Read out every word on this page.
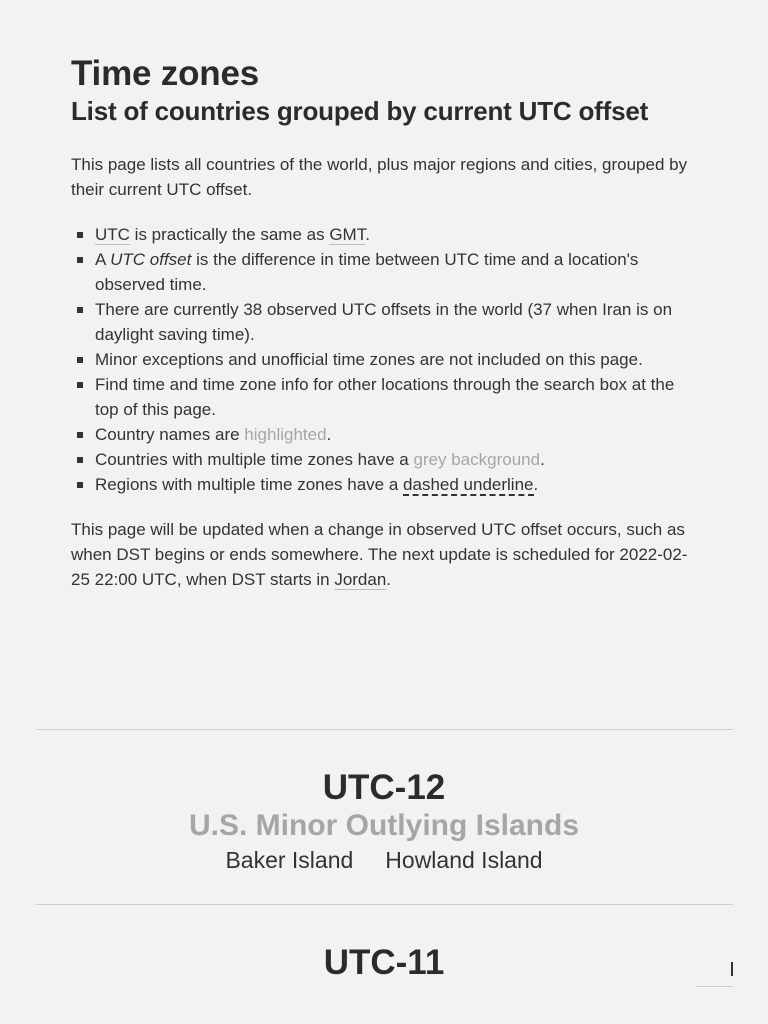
Time zones
List of countries grouped by current UTC offset

This page lists all countries of the world, plus major regions and cities, grouped by their current UTC offset.

UTC is practically the same as GMT.
A UTC offset is the difference in time between UTC time and a location's observed time.
There are currently 38 observed UTC offsets in the world (37 when Iran is on daylight saving time).
Minor exceptions and unofficial time zones are not included on this page.
Find time and time zone info for other locations through the search box at the top of this page.
Country names are highlighted.
Countries with multiple time zones have a grey background.
Regions with multiple time zones have a dashed underline.

This page will be updated when a change in observed UTC offset occurs, such as when DST begins or ends somewhere. The next update is scheduled for 2022-02-25 22:00 UTC, when DST starts in Jordan.

UTC-12
U.S. Minor Outlying Islands
Baker Island Howland Island
UTC-11
